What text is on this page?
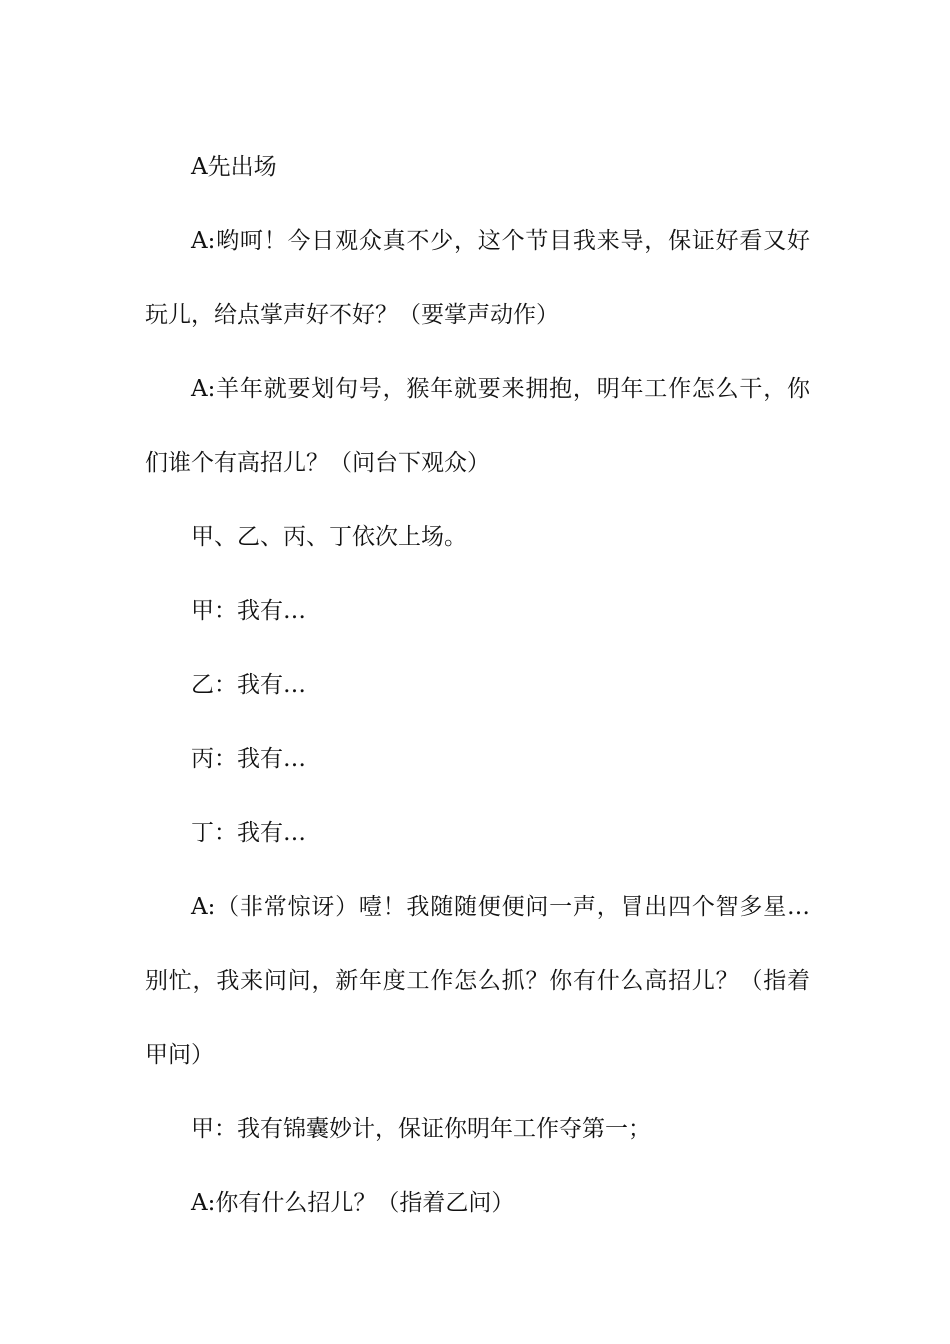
A先出场

A:哟呵！今日观众真不少，这个节目我来导，保证好看又好玩儿，给点掌声好不好？（要掌声动作）

A:羊年就要划句号，猴年就要来拥抱，明年工作怎么干，你们谁个有高招儿？（问台下观众）

甲、乙、丙、丁依次上场。

甲：我有…

乙：我有…

丙：我有…

丁：我有…

A:（非常惊讶）噎！我随随便便问一声，冒出四个智多星…别忙，我来问问，新年度工作怎么抓？你有什么高招儿？（指着甲问）

甲：我有锦囊妙计，保证你明年工作夺第一；

A:你有什么招儿？（指着乙问）
